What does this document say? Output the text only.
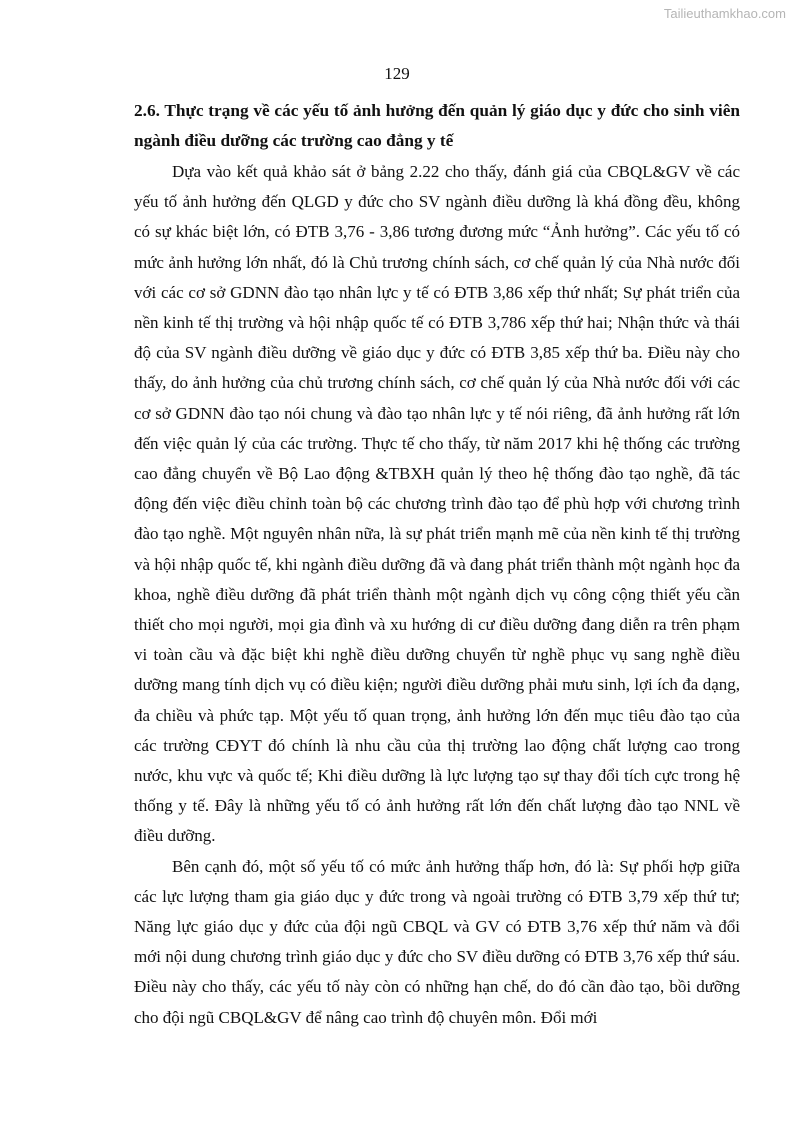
Tailieuthamkhao.com
129

2.6. Thực trạng về các yếu tố ảnh hưởng đến quản lý giáo dục y đức cho sinh viên ngành điều dưỡng các trường cao đẳng y tế

Dựa vào kết quả khảo sát ở bảng 2.22 cho thấy, đánh giá của CBQL&GV về các yếu tố ảnh hưởng đến QLGD y đức cho SV ngành điều dưỡng là khá đồng đều, không có sự khác biệt lớn, có ĐTB 3,76 - 3,86 tương đương mức “Ảnh hưởng”. Các yếu tố có mức ảnh hưởng lớn nhất, đó là Chủ trương chính sách, cơ chế quản lý của Nhà nước đối với các cơ sở GDNN đào tạo nhân lực y tế có ĐTB 3,86 xếp thứ nhất; Sự phát triển của nền kinh tế thị trường và hội nhập quốc tế có ĐTB 3,786 xếp thứ hai; Nhận thức và thái độ của SV ngành điều dưỡng về giáo dục y đức có ĐTB 3,85 xếp thứ ba. Điều này cho thấy, do ảnh hưởng của chủ trương chính sách, cơ chế quản lý của Nhà nước đối với các cơ sở GDNN đào tạo nói chung và đào tạo nhân lực y tế nói riêng, đã ảnh hưởng rất lớn đến việc quản lý của các trường. Thực tế cho thấy, từ năm 2017 khi hệ thống các trường cao đẳng chuyển về Bộ Lao động &TBXH quản lý theo hệ thống đào tạo nghề, đã tác động đến việc điều chỉnh toàn bộ các chương trình đào tạo để phù hợp với chương trình đào tạo nghề. Một nguyên nhân nữa, là sự phát triển mạnh mẽ của nền kinh tế thị trường và hội nhập quốc tế, khi ngành điều dưỡng đã và đang phát triển thành một ngành học đa khoa, nghề điều dưỡng đã phát triển thành một ngành dịch vụ công cộng thiết yếu cần thiết cho mọi người, mọi gia đình và xu hướng di cư điều dưỡng đang diễn ra trên phạm vi toàn cầu và đặc biệt khi nghề điều dưỡng chuyển từ nghề phục vụ sang nghề điều dưỡng mang tính dịch vụ có điều kiện; người điều dưỡng phải mưu sinh, lợi ích đa dạng, đa chiều và phức tạp. Một yếu tố quan trọng, ảnh hưởng lớn đến mục tiêu đào tạo của các trường CĐYT đó chính là nhu cầu của thị trường lao động chất lượng cao trong nước, khu vực và quốc tế; Khi điều dưỡng là lực lượng tạo sự thay đổi tích cực trong hệ thống y tế. Đây là những yếu tố có ảnh hưởng rất lớn đến chất lượng đào tạo NNL về điều dưỡng.

Bên cạnh đó, một số yếu tố có mức ảnh hưởng thấp hơn, đó là: Sự phối hợp giữa các lực lượng tham gia giáo dục y đức trong và ngoài trường có ĐTB 3,79 xếp thứ tư; Năng lực giáo dục y đức của đội ngũ CBQL và GV có ĐTB 3,76 xếp thứ năm và đổi mới nội dung chương trình giáo dục y đức cho SV điều dưỡng có ĐTB 3,76 xếp thứ sáu. Điều này cho thấy, các yếu tố này còn có những hạn chế, do đó cần đào tạo, bồi dưỡng cho đội ngũ CBQL&GV để nâng cao trình độ chuyên môn. Đổi mới
